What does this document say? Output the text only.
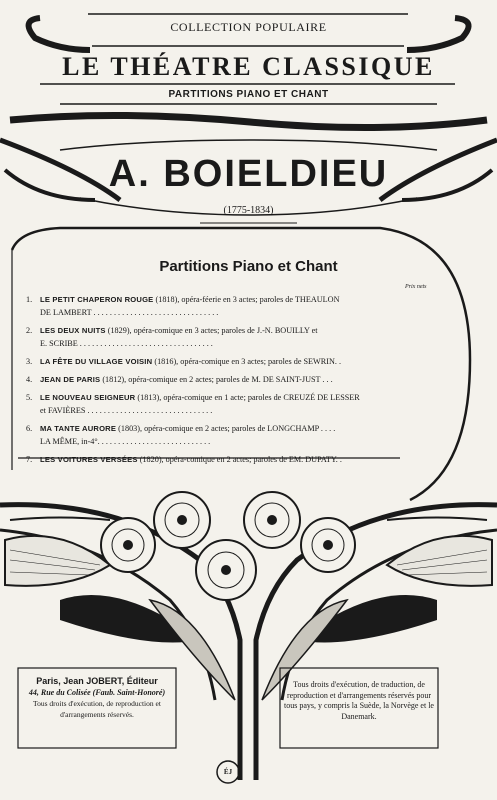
COLLECTION POPULAIRE
LE THÉATRE CLASSIQUE
PARTITIONS PIANO ET CHANT
A. BOIELDIEU
(1775-1834)
Partitions Piano et Chant
Prix nets
1. LE PETIT CHAPERON ROUGE (1818), opéra-féerie en 3 actes; paroles de THEAULON
DE LAMBERT . . . . . . . . . . . . . . . . . . . . . . . . . . . . . . .
2. LES DEUX NUITS (1829), opéra-comique en 3 actes; paroles de J.-N. BOUILLY et
E. SCRIBE . . . . . . . . . . . . . . . . . . . . . . . . . . . . . . . . .
3. LA FÊTE DU VILLAGE VOISIN (1816), opéra-comique en 3 actes; paroles de SEWRIN. .
4. JEAN DE PARIS (1812), opéra-comique en 2 actes; paroles de M. DE SAINT-JUST . . .
5. LE NOUVEAU SEIGNEUR (1813), opéra-comique en 1 acte; paroles de CREUZÉ DE LESSER
et FAVIÈRES . . . . . . . . . . . . . . . . . . . . . . . . . . . . . . .
6. MA TANTE AURORE (1803), opéra-comique en 2 actes; paroles de LONGCHAMP . . . .
LA MÊME, in-4°. . . . . . . . . . . . . . . . . . . . . . . . . . . .
7. LES VOITURES VERSÉES (1820), opéra-comique en 2 actes; paroles de EM. DUPATY. .
Paris, Jean JOBERT, Éditeur
44, Rue du Colisée (Faub. Saint-Honoré)
Tous droits d'exécution, de reproduction et d'arrangements réservés.
Tous droits d'exécution, de traduction, de reproduction et d'arrangements réservés pour tous pays, y compris la Suède, la Norvège et le Danemark.
ÉJ
